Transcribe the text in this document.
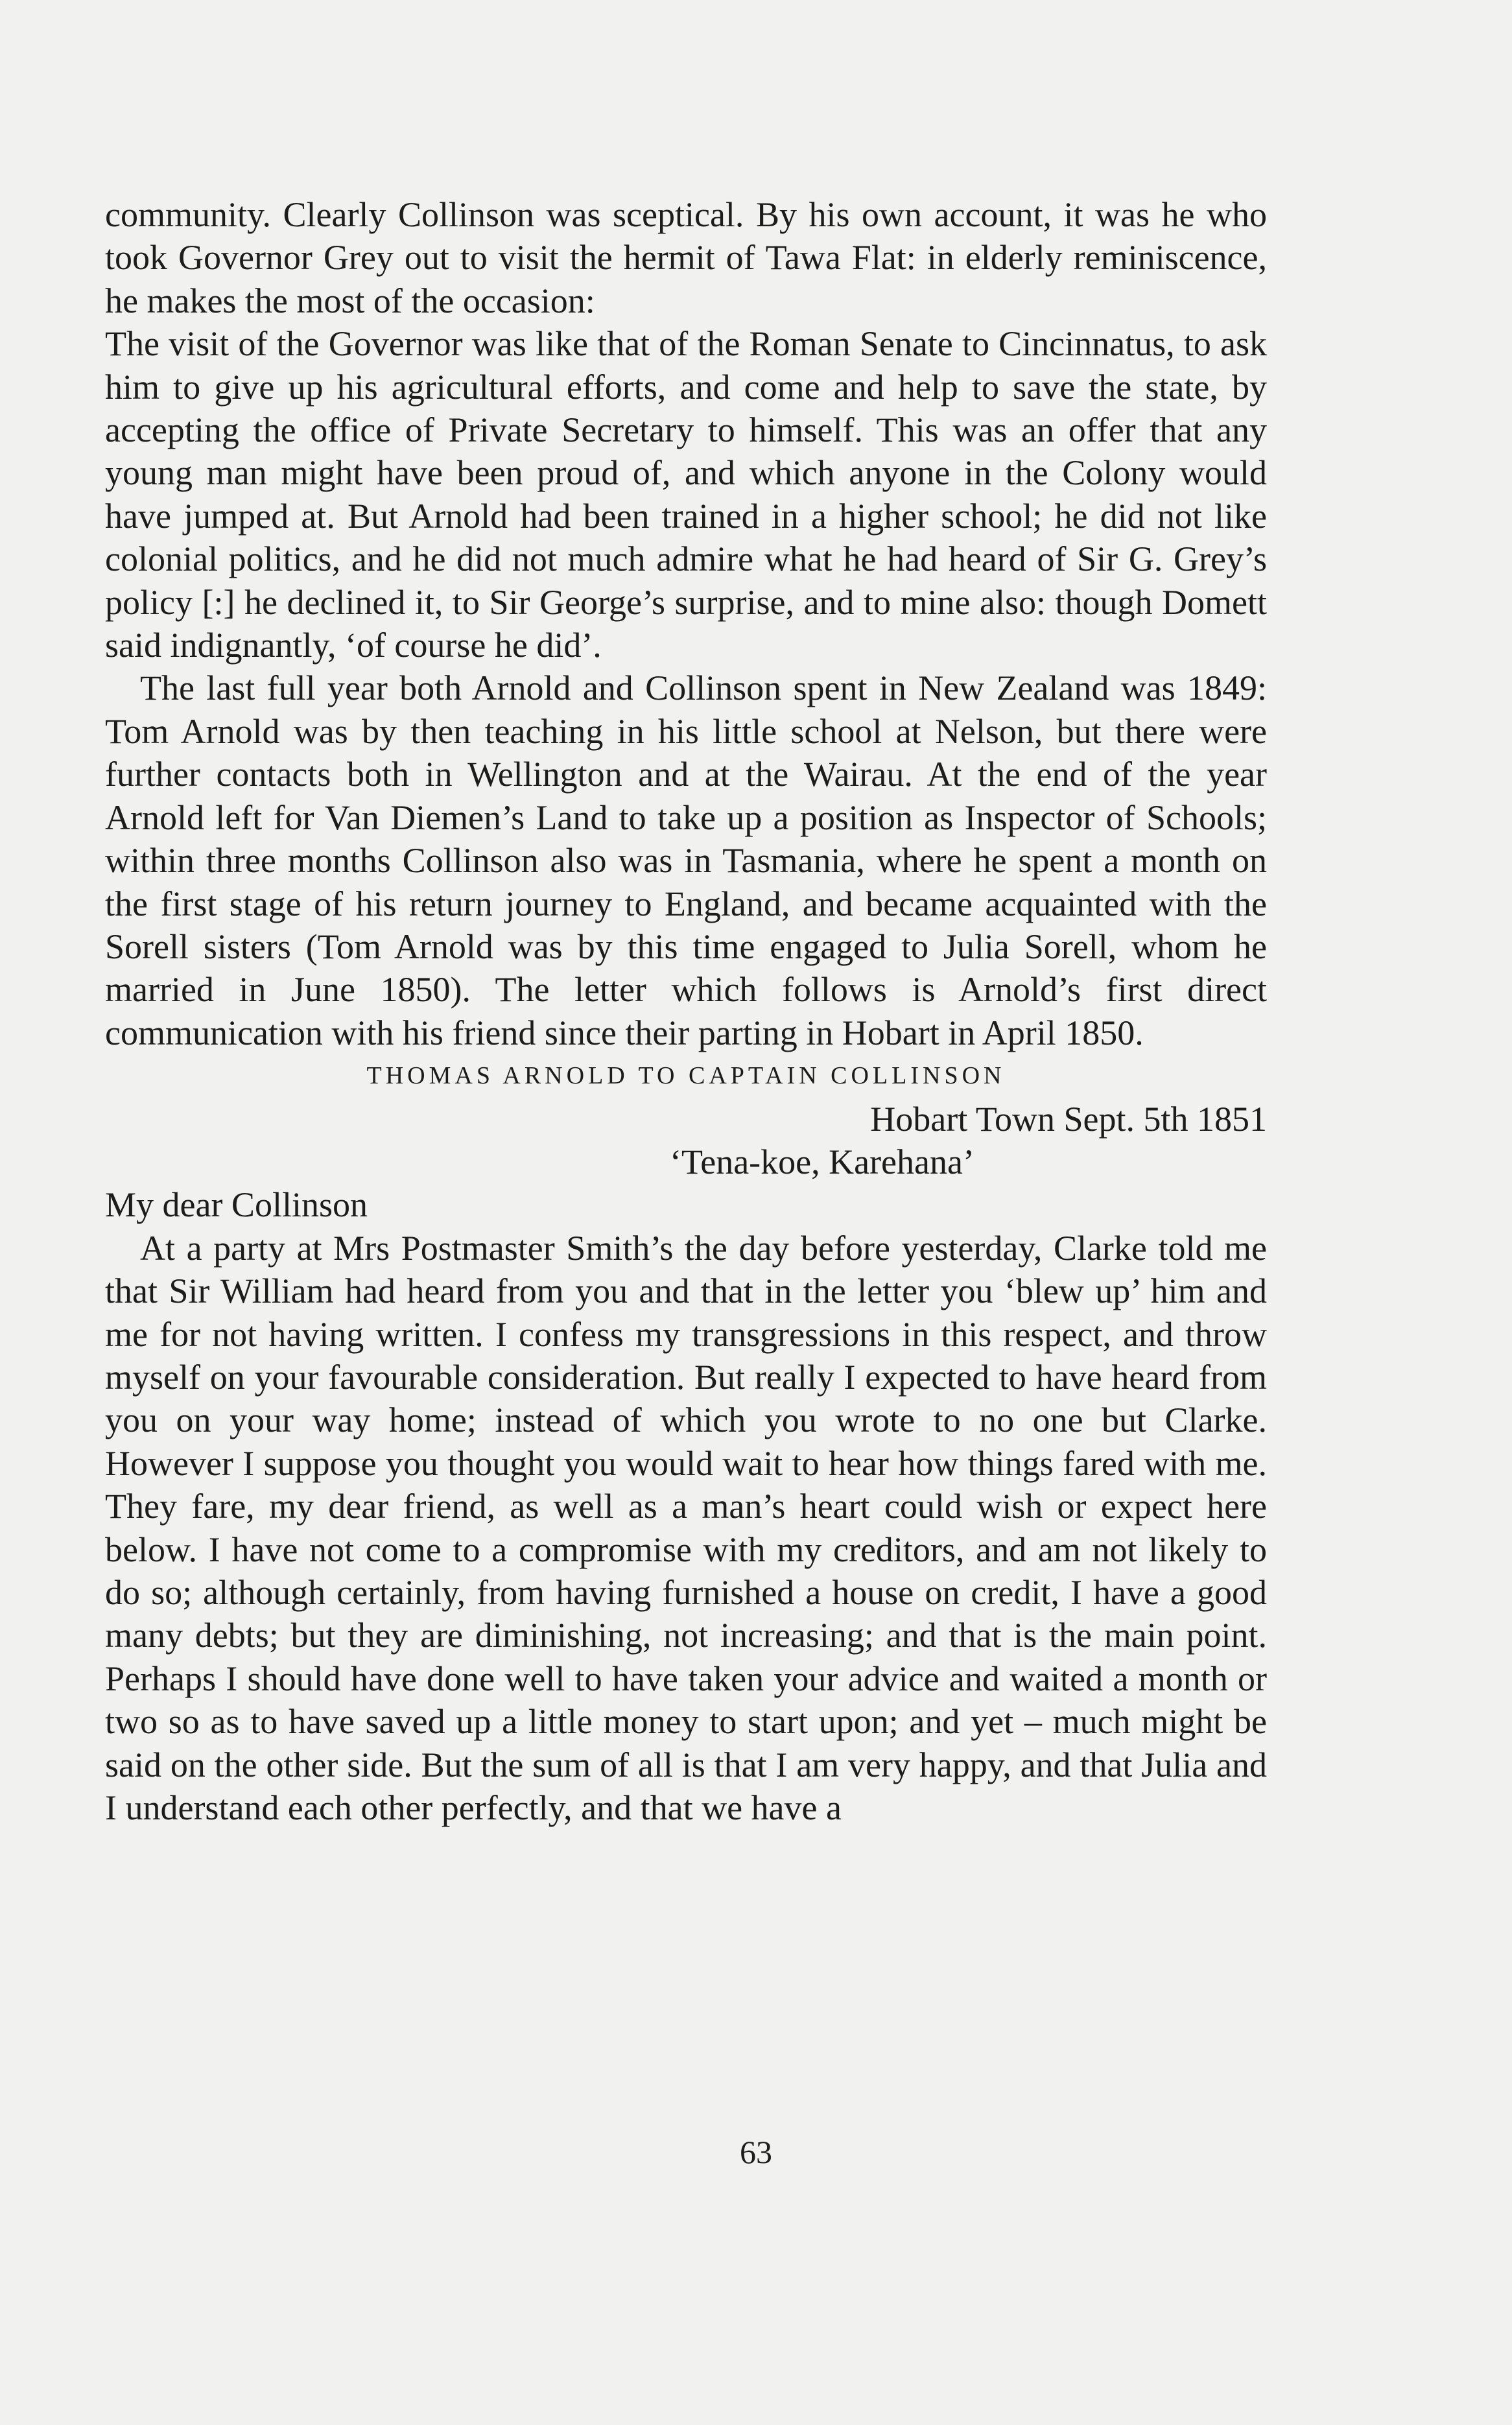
community. Clearly Collinson was sceptical. By his own account, it was he who took Governor Grey out to visit the hermit of Tawa Flat: in elderly reminiscence, he makes the most of the occasion:

The visit of the Governor was like that of the Roman Senate to Cincinnatus, to ask him to give up his agricultural efforts, and come and help to save the state, by accepting the office of Private Secretary to himself. This was an offer that any young man might have been proud of, and which anyone in the Colony would have jumped at. But Arnold had been trained in a higher school; he did not like colonial politics, and he did not much admire what he had heard of Sir G. Grey’s policy [:] he declined it, to Sir George’s surprise, and to mine also: though Domett said indignantly, ‘of course he did’.

The last full year both Arnold and Collinson spent in New Zealand was 1849: Tom Arnold was by then teaching in his little school at Nelson, but there were further contacts both in Wellington and at the Wairau. At the end of the year Arnold left for Van Diemen’s Land to take up a position as Inspector of Schools; within three months Collinson also was in Tasmania, where he spent a month on the first stage of his return journey to England, and became acquainted with the Sorell sisters (Tom Arnold was by this time engaged to Julia Sorell, whom he married in June 1850). The letter which follows is Arnold’s first direct communication with his friend since their parting in Hobart in April 1850.

THOMAS ARNOLD TO CAPTAIN COLLINSON

Hobart Town Sept. 5th 1851

‘Tena-koe, Karehana’

My dear Collinson

At a party at Mrs Postmaster Smith’s the day before yesterday, Clarke told me that Sir William had heard from you and that in the letter you ‘blew up’ him and me for not having written. I confess my transgressions in this respect, and throw myself on your favourable consideration. But really I expected to have heard from you on your way home; instead of which you wrote to no one but Clarke. However I suppose you thought you would wait to hear how things fared with me. They fare, my dear friend, as well as a man’s heart could wish or expect here below. I have not come to a compromise with my creditors, and am not likely to do so; although certainly, from having furnished a house on credit, I have a good many debts; but they are diminishing, not increasing; and that is the main point. Perhaps I should have done well to have taken your advice and waited a month or two so as to have saved up a little money to start upon; and yet – much might be said on the other side. But the sum of all is that I am very happy, and that Julia and I understand each other perfectly, and that we have a

63
